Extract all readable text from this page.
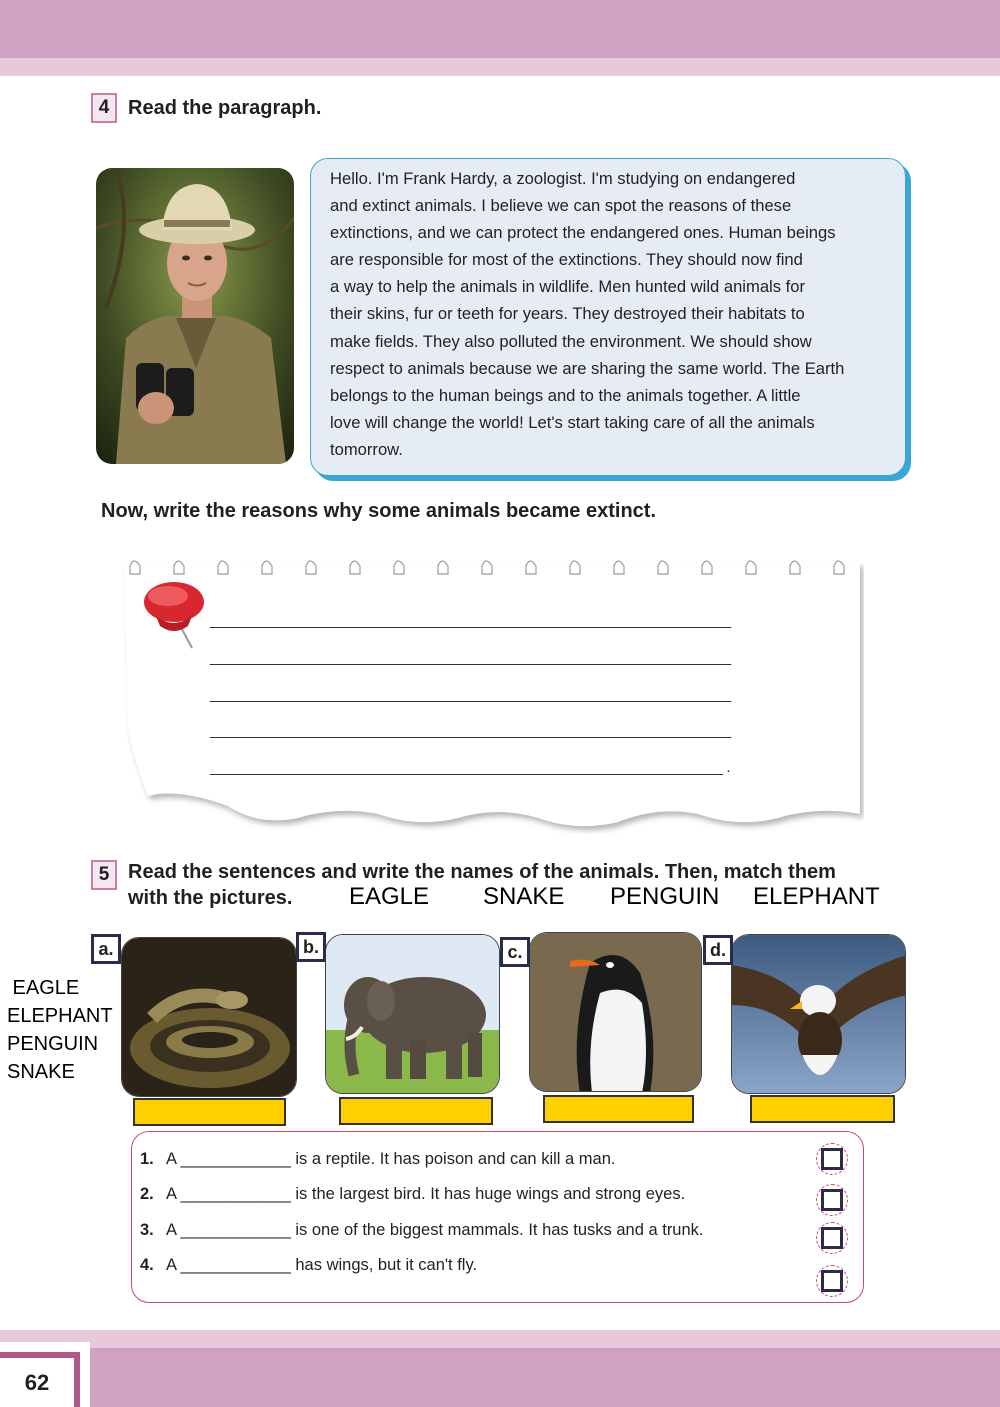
4 Read the paragraph.
Hello. I'm Frank Hardy, a zoologist. I'm studying on endangered
and extinct animals. I believe we can spot the reasons of these
extinctions, and we can protect the endangered ones. Human beings
are responsible for most of the extinctions. They should now find
a way to help the animals in wildlife. Men hunted wild animals for
their skins, fur or teeth for years. They destroyed their habitats to
make fields. They also polluted the environment. We should show
respect to animals because we are sharing the same world. The Earth
belongs to the human beings and to the animals together. A little
love will change the world! Let's start taking care of all the animals
tomorrow.
Now, write the reasons why some animals became extinct.
______________________________________________________________
______________________________________________________________
______________________________________________________________
______________________________________________________________
_____________________________________________________________ .
5 Read the sentences and write the names of the animals. Then, match them
with the pictures. EAGLE SNAKE PENGUIN ELEPHANT
EAGLE
ELEPHANT
PENGUIN
SNAKE
a.	b.	c.	d.
1. A ____________ is a reptile. It has poison and can kill a man.
2. A ____________ is the largest bird. It has huge wings and strong eyes.
3. A ____________ is one of the biggest mammals. It has tusks and a trunk.
4. A ____________ has wings, but it can't fly.
62
